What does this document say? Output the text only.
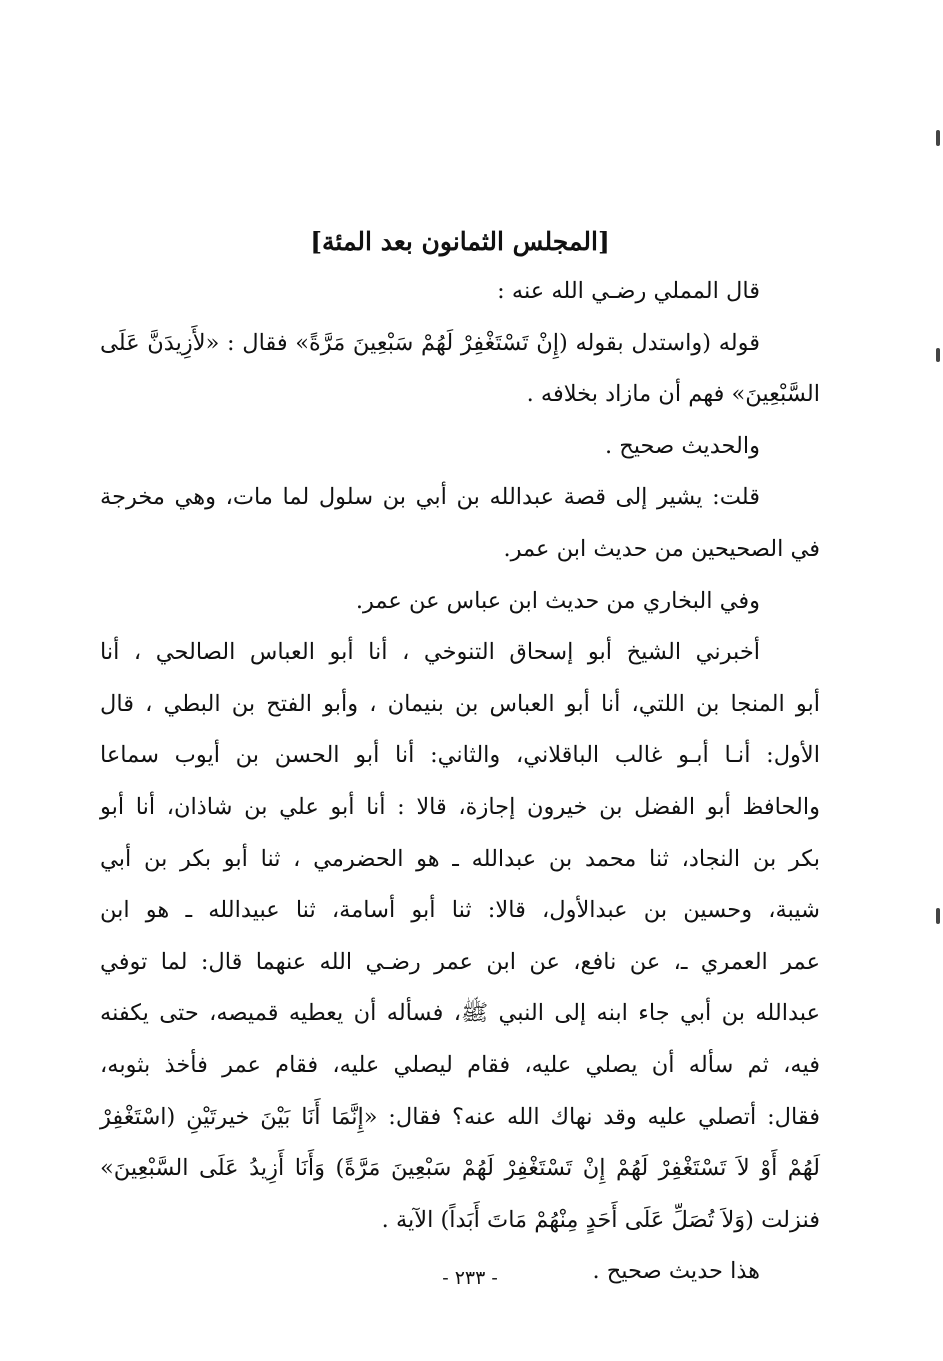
[المجلس الثمانون بعد المئة]
قال المملي رضـي الله عنه :
قوله (واستدل بقوله (إِنْ تَسْتَغْفِرْ لَهُمْ سَبْعِينَ مَرَّةً» فقال : «لأَزِيدَنَّ عَلَى
السَّبْعِينَ» فهم أن مازاد بخلافه .
والحديث صحيح .
قلت: يشير إلى قصة عبدالله بن أبي بن سلول لما مات، وهي مخرجة
في الصحيحين من حديث ابن عمر.
وفي البخاري من حديث ابن عباس عن عمر.
أخبرني الشيخ أبو إسحاق التنوخي ، أنا أبو العباس الصالحي ، أنا
أبو المنجا بن اللتي، أنا أبو العباس بن بنيمان ، وأبو الفتح بن البطي ، قال
الأول: أنـا أبـو غالب الباقلاني، والثاني: أنا أبو الحسن بن أيوب سماعا
والحافظ أبو الفضل بن خيرون إجازة، قالا : أنا أبو علي بن شاذان، أنا أبو
بكر بن النجاد، ثنا محمد بن عبدالله ـ هو الحضرمي ، ثنا أبو بكر بن أبي
شيبة، وحسين بن عبدالأول، قالا: ثنا أبو أسامة، ثنا عبيدالله ـ هو ابن
عمر العمري ـ، عن نافع، عن ابن عمر رضـي الله عنهما قال: لما توفي
عبدالله بن أبي جاء ابنه إلى النبي ﷺ، فسأله أن يعطيه قميصه، حتى يكفنه
فيه، ثم سأله أن يصلي عليه، فقام ليصلي عليه، فقام عمر فأخذ بثوبه،
فقال: أتصلي عليه وقد نهاك الله عنه؟ فقال: «إِنَّمَا أَنَا بَيْنَ خيرتَيْنِ (اسْتَغْفِرْ
لَهُمْ أَوْ لاَ تَسْتَغْفِرْ لَهُمْ إِنْ تَسْتَغْفِرْ لَهُمْ سَبْعِينَ مَرَّةً) وَأَنَا أَزِيدُ عَلَى السَّبْعِينَ»
فنزلت (وَلاَ تُصَلِّ عَلَى أَحَدٍ مِنْهُمْ مَاتَ أَبَداً) الآية .
هذا حديث صحيح .
- ٢٣٣ -
